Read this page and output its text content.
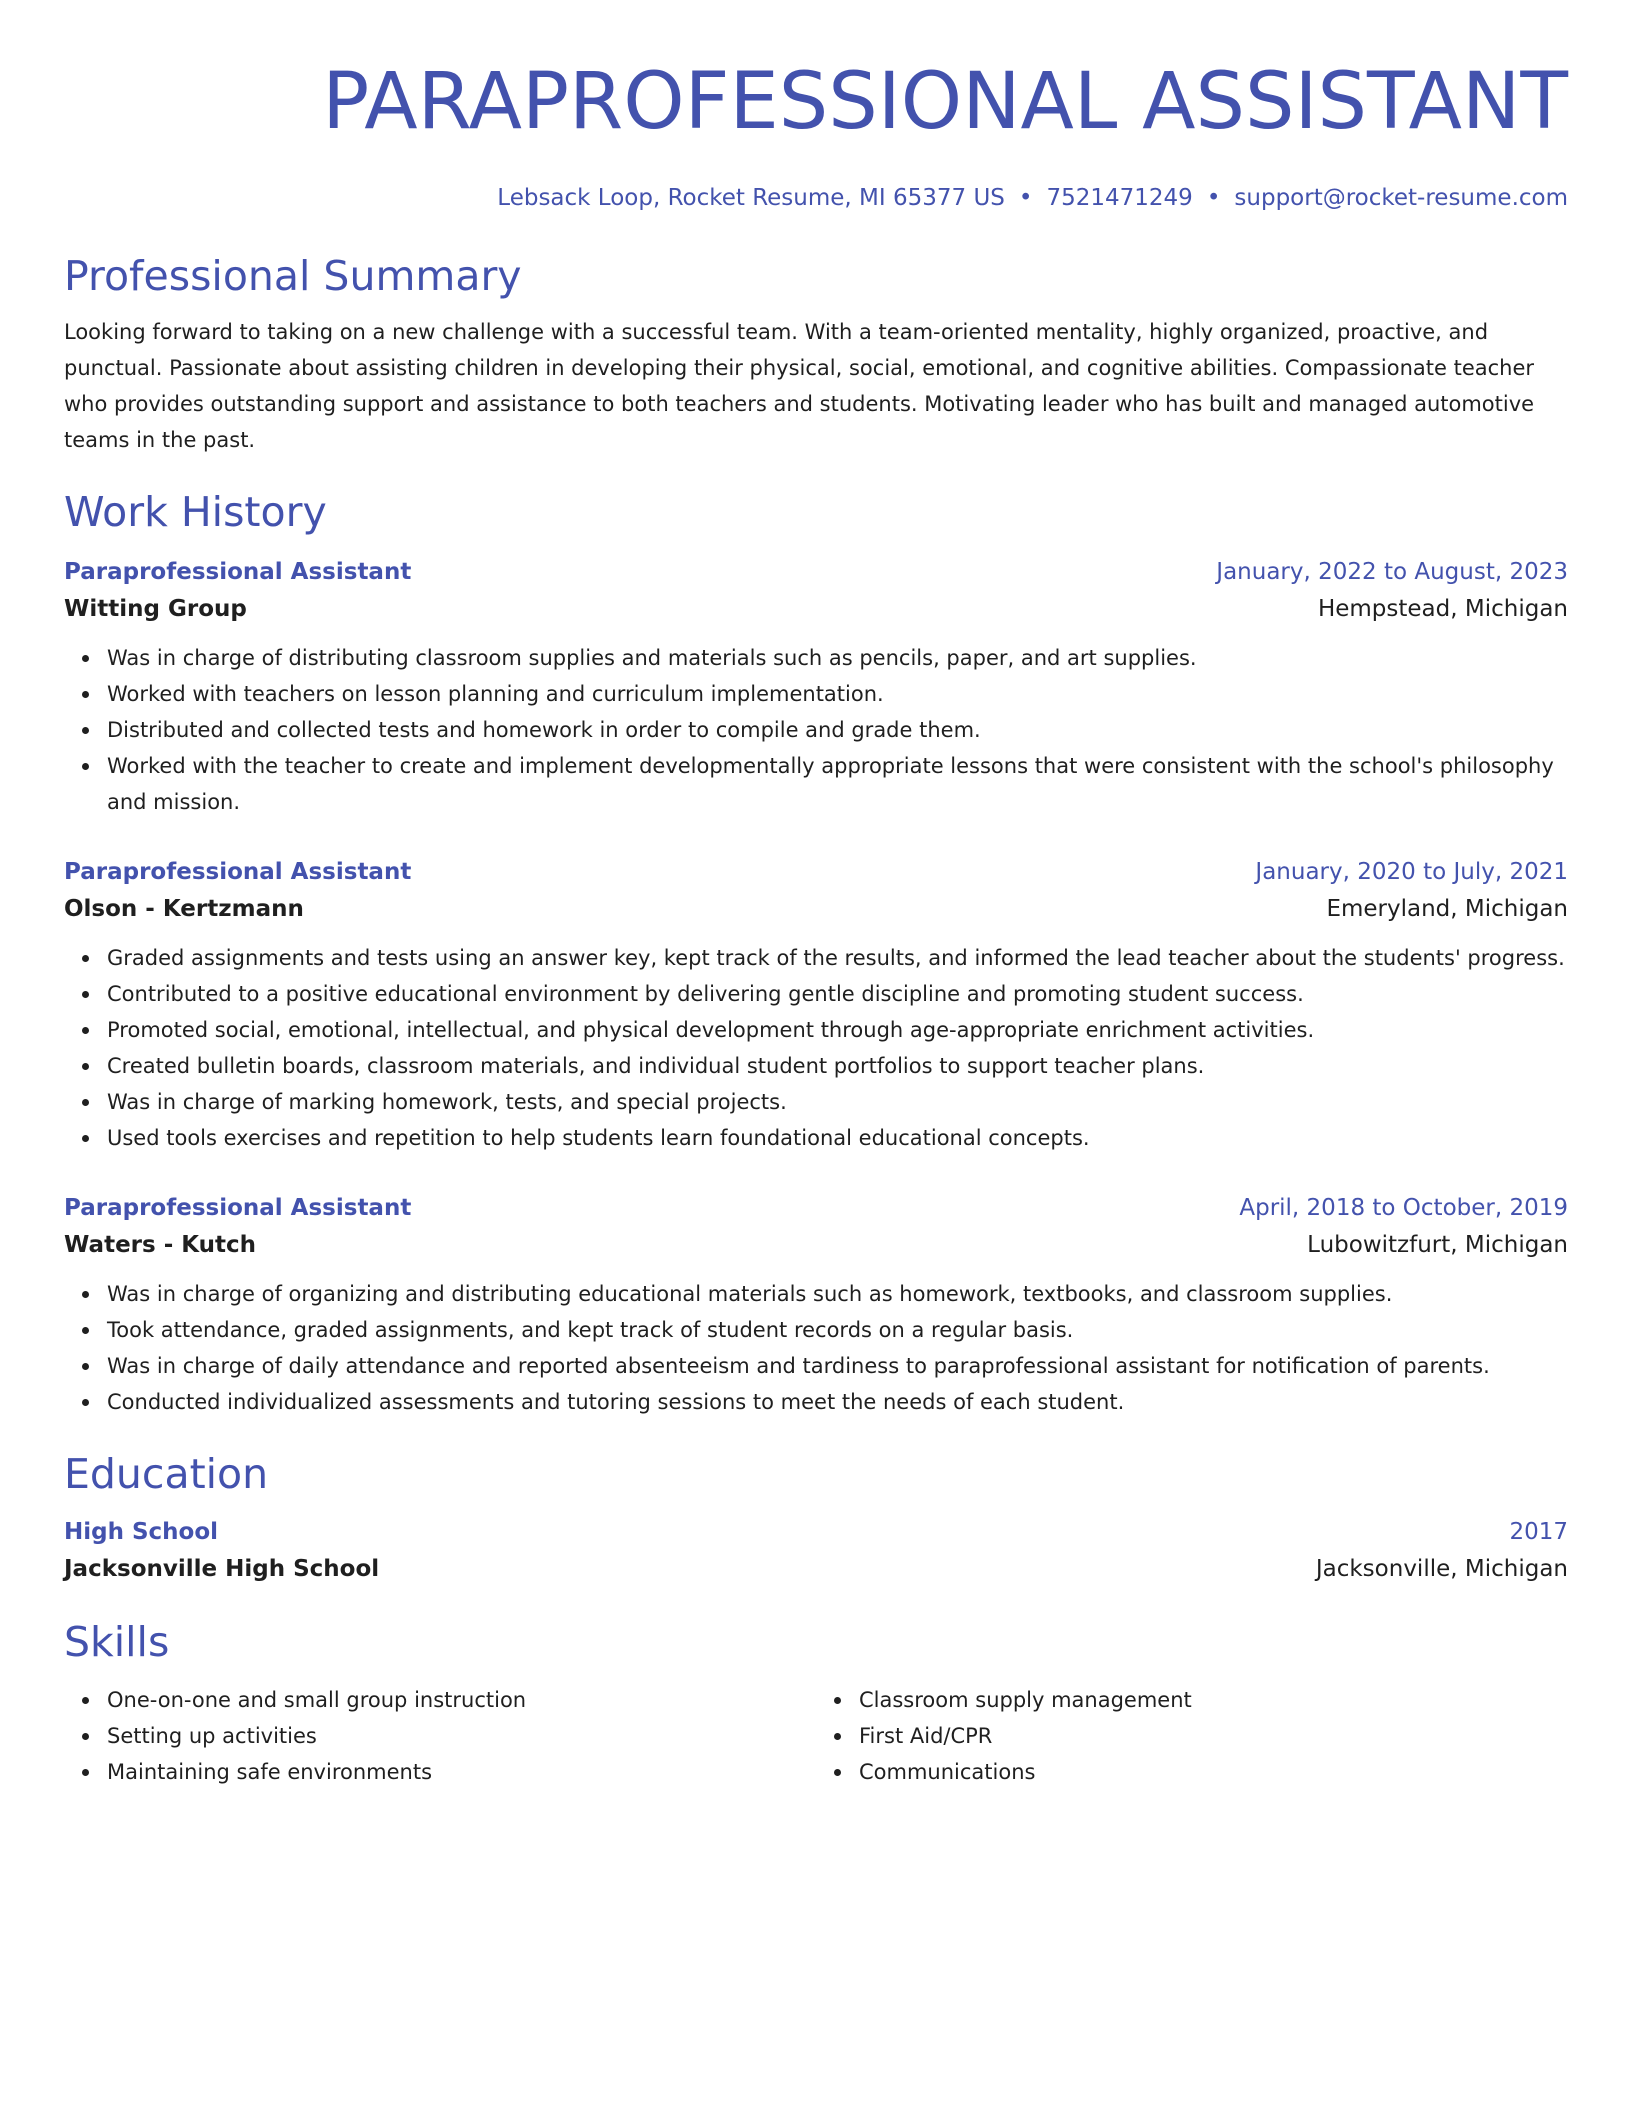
PARAPROFESSIONAL ASSISTANT
Lebsack Loop, Rocket Resume, MI 65377 US • 7521471249 • support@rocket-resume.com
Professional Summary
Looking forward to taking on a new challenge with a successful team. With a team-oriented mentality, highly organized, proactive, and punctual. Passionate about assisting children in developing their physical, social, emotional, and cognitive abilities. Compassionate teacher who provides outstanding support and assistance to both teachers and students. Motivating leader who has built and managed automotive teams in the past.
Work History
Paraprofessional Assistant	January, 2022 to August, 2023
Witting Group	Hempstead, Michigan
Was in charge of distributing classroom supplies and materials such as pencils, paper, and art supplies.
Worked with teachers on lesson planning and curriculum implementation.
Distributed and collected tests and homework in order to compile and grade them.
Worked with the teacher to create and implement developmentally appropriate lessons that were consistent with the school's philosophy and mission.
Paraprofessional Assistant	January, 2020 to July, 2021
Olson - Kertzmann	Emeryland, Michigan
Graded assignments and tests using an answer key, kept track of the results, and informed the lead teacher about the students' progress.
Contributed to a positive educational environment by delivering gentle discipline and promoting student success.
Promoted social, emotional, intellectual, and physical development through age-appropriate enrichment activities.
Created bulletin boards, classroom materials, and individual student portfolios to support teacher plans.
Was in charge of marking homework, tests, and special projects.
Used tools exercises and repetition to help students learn foundational educational concepts.
Paraprofessional Assistant	April, 2018 to October, 2019
Waters - Kutch	Lubowitzfurt, Michigan
Was in charge of organizing and distributing educational materials such as homework, textbooks, and classroom supplies.
Took attendance, graded assignments, and kept track of student records on a regular basis.
Was in charge of daily attendance and reported absenteeism and tardiness to paraprofessional assistant for notification of parents.
Conducted individualized assessments and tutoring sessions to meet the needs of each student.
Education
High School	2017
Jacksonville High School	Jacksonville, Michigan
Skills
One-on-one and small group instruction
Setting up activities
Maintaining safe environments
Classroom supply management
First Aid/CPR
Communications
